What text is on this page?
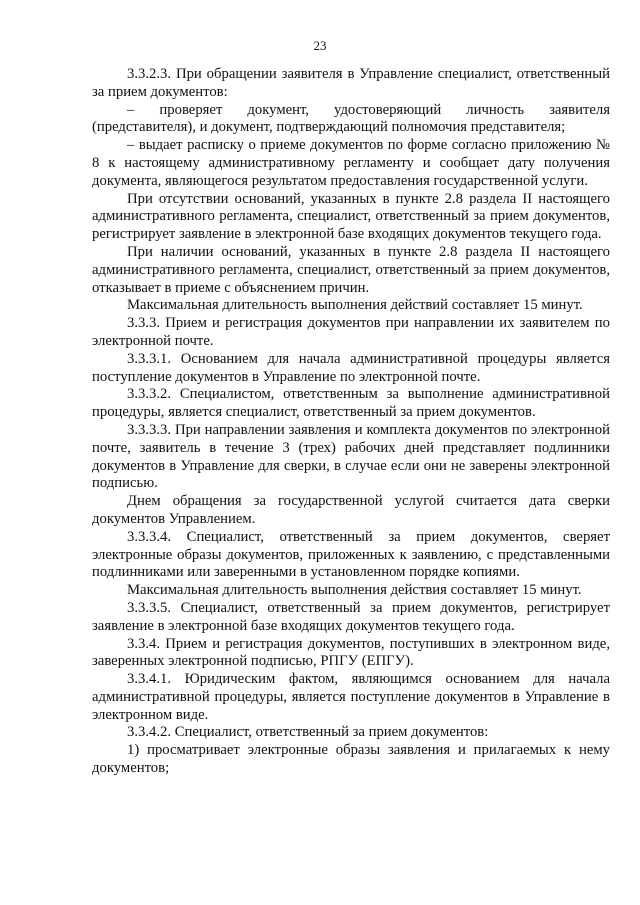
23

3.3.2.3. При обращении заявителя в Управление специалист, ответственный за прием документов:

– проверяет документ, удостоверяющий личность заявителя (представителя), и документ, подтверждающий полномочия представителя;

– выдает расписку о приеме документов по форме согласно приложению № 8 к настоящему административному регламенту и сообщает дату получения документа, являющегося результатом предоставления государственной услуги.

При отсутствии оснований, указанных в пункте 2.8 раздела II настоящего административного регламента, специалист, ответственный за прием документов, регистрирует заявление в электронной базе входящих документов текущего года.

При наличии оснований, указанных в пункте 2.8 раздела II настоящего административного регламента, специалист, ответственный за прием документов, отказывает в приеме с объяснением причин.

Максимальная длительность выполнения действий составляет 15 минут.

3.3.3. Прием и регистрация документов при направлении их заявителем по электронной почте.

3.3.3.1. Основанием для начала административной процедуры является поступление документов в Управление по электронной почте.

3.3.3.2. Специалистом, ответственным за выполнение административной процедуры, является специалист, ответственный за прием документов.

3.3.3.3. При направлении заявления и комплекта документов по электронной почте, заявитель в течение 3 (трех) рабочих дней представляет подлинники документов в Управление для сверки, в случае если они не заверены электронной подписью.

Днем обращения за государственной услугой считается дата сверки документов Управлением.

3.3.3.4. Специалист, ответственный за прием документов, сверяет электронные образы документов, приложенных к заявлению, с представленными подлинниками или заверенными в установленном порядке копиями.

Максимальная длительность выполнения действия составляет 15 минут.

3.3.3.5. Специалист, ответственный за прием документов, регистрирует заявление в электронной базе входящих документов текущего года.

3.3.4. Прием и регистрация документов, поступивших в электронном виде, заверенных электронной подписью, РПГУ (ЕПГУ).

3.3.4.1. Юридическим фактом, являющимся основанием для начала административной процедуры, является поступление документов в Управление в электронном виде.

3.3.4.2. Специалист, ответственный за прием документов:

1) просматривает электронные образы заявления и прилагаемых к нему документов;
